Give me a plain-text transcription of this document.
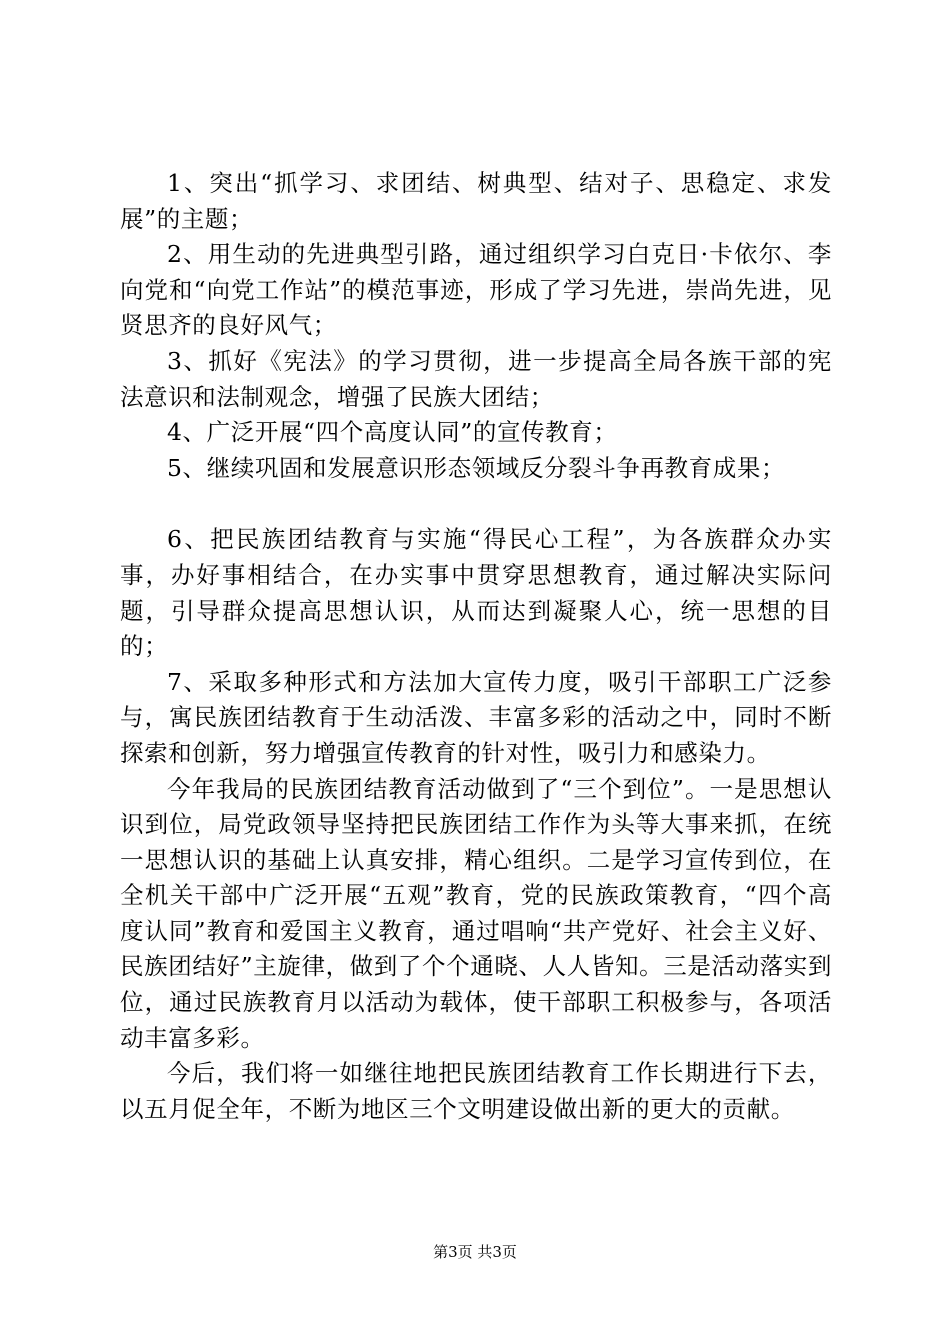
1、突出“抓学习、求团结、树典型、结对子、思稳定、求发展”的主题；

2、用生动的先进典型引路，通过组织学习白克日·卡依尔、李向党和“向党工作站”的模范事迹，形成了学习先进，崇尚先进，见贤思齐的良好风气；

3、抓好《宪法》的学习贯彻，进一步提高全局各族干部的宪法意识和法制观念，增强了民族大团结；

4、广泛开展“四个高度认同”的宣传教育；

5、继续巩固和发展意识形态领域反分裂斗争再教育成果；

6、把民族团结教育与实施“得民心工程”，为各族群众办实事，办好事相结合，在办实事中贯穿思想教育，通过解决实际问题，引导群众提高思想认识，从而达到凝聚人心，统一思想的目的；

7、采取多种形式和方法加大宣传力度，吸引干部职工广泛参与，寓民族团结教育于生动活泼、丰富多彩的活动之中，同时不断探索和创新，努力增强宣传教育的针对性，吸引力和感染力。

今年我局的民族团结教育活动做到了“三个到位”。一是思想认识到位，局党政领导坚持把民族团结工作作为头等大事来抓，在统一思想认识的基础上认真安排，精心组织。二是学习宣传到位，在全机关干部中广泛开展“五观”教育，党的民族政策教育，“四个高度认同”教育和爱国主义教育，通过唱响“共产党好、社会主义好、民族团结好”主旋律，做到了个个通晓、人人皆知。三是活动落实到位，通过民族教育月以活动为载体，使干部职工积极参与，各项活动丰富多彩。

今后，我们将一如继往地把民族团结教育工作长期进行下去，以五月促全年，不断为地区三个文明建设做出新的更大的贡献。

第3页 共3页
